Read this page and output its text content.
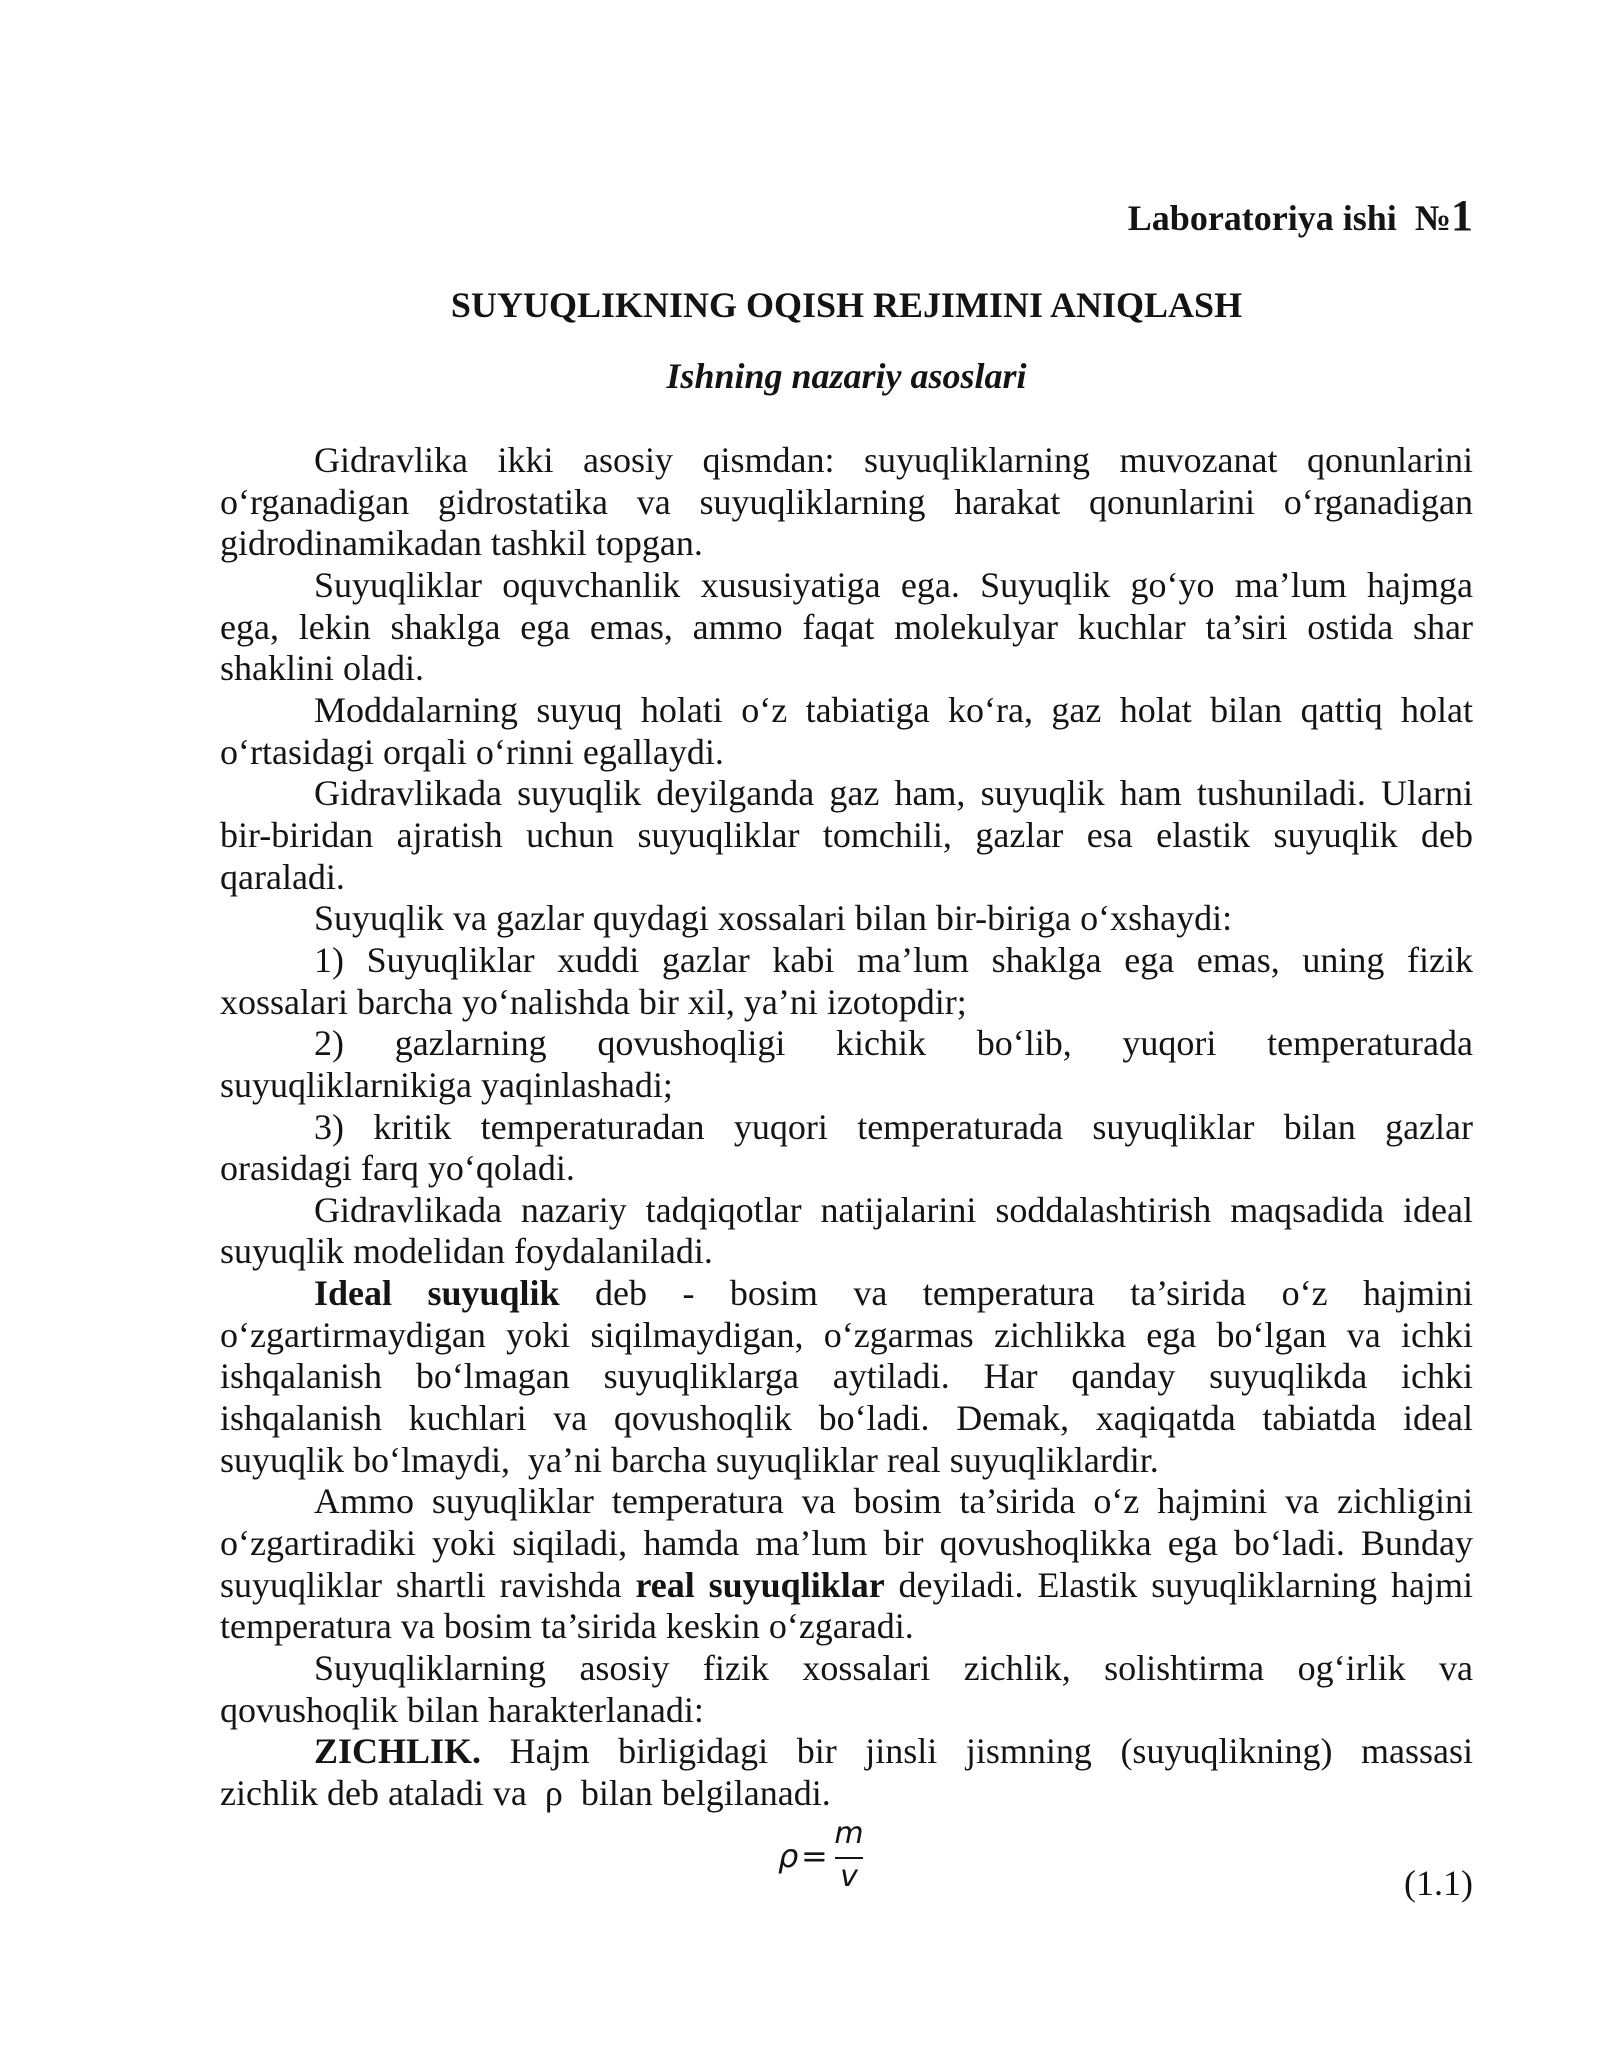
Laboratoriya ishi  №1
SUYUQLIKNING OQISH REJIMINI ANIQLASH
Ishning nazariy asoslari
Gidravlika ikki asosiy qismdan: suyuqliklarning muvozanat qonunlarini
o‘rganadigan gidrostatika va suyuqliklarning harakat qonunlarini o‘rganadigan
gidrodinamikadan tashkil topgan.
Suyuqliklar oquvchanlik xususiyatiga ega. Suyuqlik go‘yo ma’lum hajmga
ega, lekin shaklga ega emas, ammo faqat molekulyar kuchlar ta’siri ostida shar
shaklini oladi.
Moddalarning suyuq holati o‘z tabiatiga ko‘ra, gaz holat bilan qattiq holat
o‘rtasidagi orqali o‘rinni egallaydi.
Gidravlikada suyuqlik deyilganda gaz ham, suyuqlik ham tushuniladi. Ularni
bir-biridan ajratish uchun suyuqliklar tomchili, gazlar esa elastik suyuqlik deb
qaraladi.
Suyuqlik va gazlar quydagi xossalari bilan bir-biriga o‘xshaydi:
1) Suyuqliklar xuddi gazlar kabi ma’lum shaklga ega emas, uning fizik
xossalari barcha yo‘nalishda bir xil, ya’ni izotopdir;
2) gazlarning qovushoqligi kichik bo‘lib, yuqori temperaturada
suyuqliklarnikiga yaqinlashadi;
3) kritik temperaturadan yuqori temperaturada suyuqliklar bilan gazlar
orasidagi farq yo‘qoladi.
Gidravlikada nazariy tadqiqotlar natijalarini soddalashtirish maqsadida ideal
suyuqlik modelidan foydalaniladi.
Ideal suyuqlik deb - bosim va temperatura ta’sirida o‘z hajmini
o‘zgartirmaydigan yoki siqilmaydigan, o‘zgarmas zichlikka ega bo‘lgan va ichki
ishqalanish bo‘lmagan suyuqliklarga aytiladi. Har qanday suyuqlikda ichki
ishqalanish kuchlari va qovushoqlik bo‘ladi. Demak, xaqiqatda tabiatda ideal
suyuqlik bo‘lmaydi,  ya’ni barcha suyuqliklar real suyuqliklardir.
Ammo suyuqliklar temperatura va bosim ta’sirida o‘z hajmini va zichligini
o‘zgartiradiki yoki siqiladi, hamda ma’lum bir qovushoqlikka ega bo‘ladi. Bunday
suyuqliklar shartli ravishda real suyuqliklar deyiladi. Elastik suyuqliklarning hajmi
temperatura va bosim ta’sirida keskin o‘zgaradi.
Suyuqliklarning asosiy fizik xossalari zichlik, solishtirma og‘irlik va
qovushoqlik bilan harakterlanadi:
ZICHLIK. Hajm birligidagi bir jinsli jismning (suyuqlikning) massasi
zichlik deb ataladi va  ρ  bilan belgilanadi.
ρ =
m
v	(1.1)
